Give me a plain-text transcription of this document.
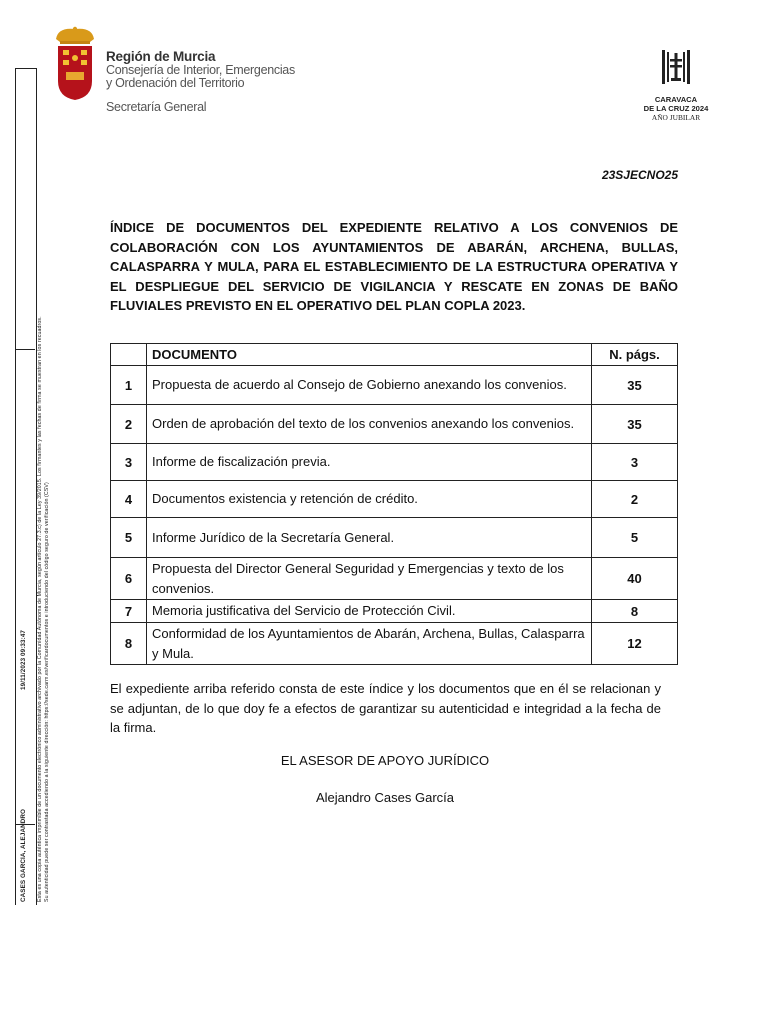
Región de Murcia
Consejería de Interior, Emergencias
y Ordenación del Territorio
Secretaría General
CARAVACA
DE LA CRUZ 2024
AÑO JUBILAR
CASES GARCIA, ALEJANDRO
19/11/2023 09:33:47 Esta es una copia auténtica imprimible de un documento electrónico administrativo archivado por la Comunidad Autónoma de Murcia, según artículo 27.3.c) de la Ley 39/2015. Los firmantes y las fechas de firma se muestran en los recuadros. Su autenticidad puede ser contrastada accediendo a la siguiente dirección: https://sede.carm.es/verificardocumentos e introduciendo del código seguro de verificación (CSV)
23SJECNO25
ÍNDICE DE DOCUMENTOS DEL EXPEDIENTE RELATIVO A LOS CONVENIOS DE COLABORACIÓN CON LOS AYUNTAMIENTOS DE ABARÁN, ARCHENA, BULLAS, CALASPARRA Y MULA, PARA EL ESTABLECIMIENTO DE LA ESTRUCTURA OPERATIVA Y EL DESPLIEGUE DEL SERVICIO DE VIGILANCIA Y RESCATE EN ZONAS DE BAÑO FLUVIALES PREVISTO EN EL OPERATIVO DEL PLAN COPLA 2023.
	DOCUMENTO	N. págs.
1	Propuesta de acuerdo al Consejo de Gobierno anexando los convenios.	35
2	Orden de aprobación del texto de los convenios anexando los convenios.	35
3	Informe de fiscalización previa.	3
4	Documentos existencia y retención de crédito.	2
5	Informe Jurídico de la Secretaría General.	5
6	Propuesta del Director General Seguridad y Emergencias y texto de los convenios.	40
7	Memoria justificativa del Servicio de Protección Civil.	8
8	Conformidad de los Ayuntamientos de Abarán, Archena, Bullas, Calasparra y Mula.	12
El expediente arriba referido consta de este índice y los documentos que en él se relacionan y se adjuntan, de lo que doy fe a efectos de garantizar su autenticidad e integridad a la fecha de la firma.
EL ASESOR DE APOYO JURÍDICO
Alejandro Cases García
